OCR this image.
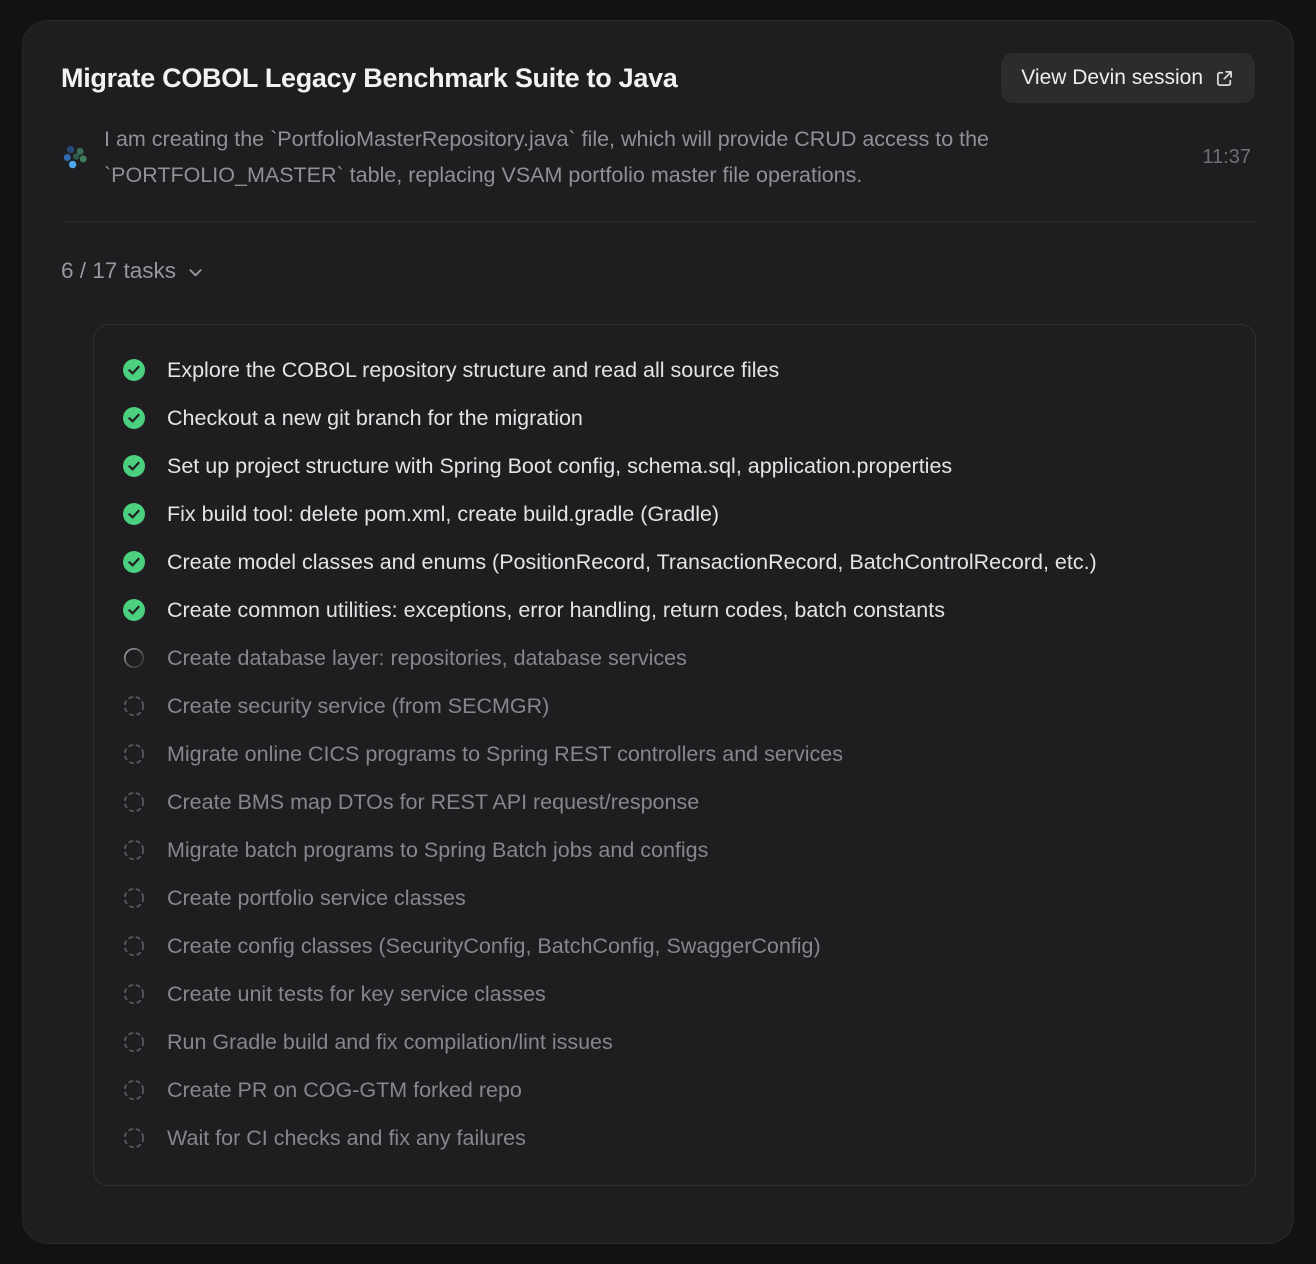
Migrate COBOL Legacy Benchmark Suite to Java	View Devin session

I am creating the `PortfolioMasterRepository.java` file, which will provide CRUD access to the `PORTFOLIO_MASTER` table, replacing VSAM portfolio master file operations.

11:37
6 / 17 tasks
Explore the COBOL repository structure and read all source files
Checkout a new git branch for the migration
Set up project structure with Spring Boot config, schema.sql, application.properties
Fix build tool: delete pom.xml, create build.gradle (Gradle)
Create model classes and enums (PositionRecord, TransactionRecord, BatchControlRecord, etc.)
Create common utilities: exceptions, error handling, return codes, batch constants
Create database layer: repositories, database services
Create security service (from SECMGR)
Migrate online CICS programs to Spring REST controllers and services
Create BMS map DTOs for REST API request/response
Migrate batch programs to Spring Batch jobs and configs
Create portfolio service classes
Create config classes (SecurityConfig, BatchConfig, SwaggerConfig)
Create unit tests for key service classes
Run Gradle build and fix compilation/lint issues
Create PR on COG-GTM forked repo
Wait for CI checks and fix any failures
